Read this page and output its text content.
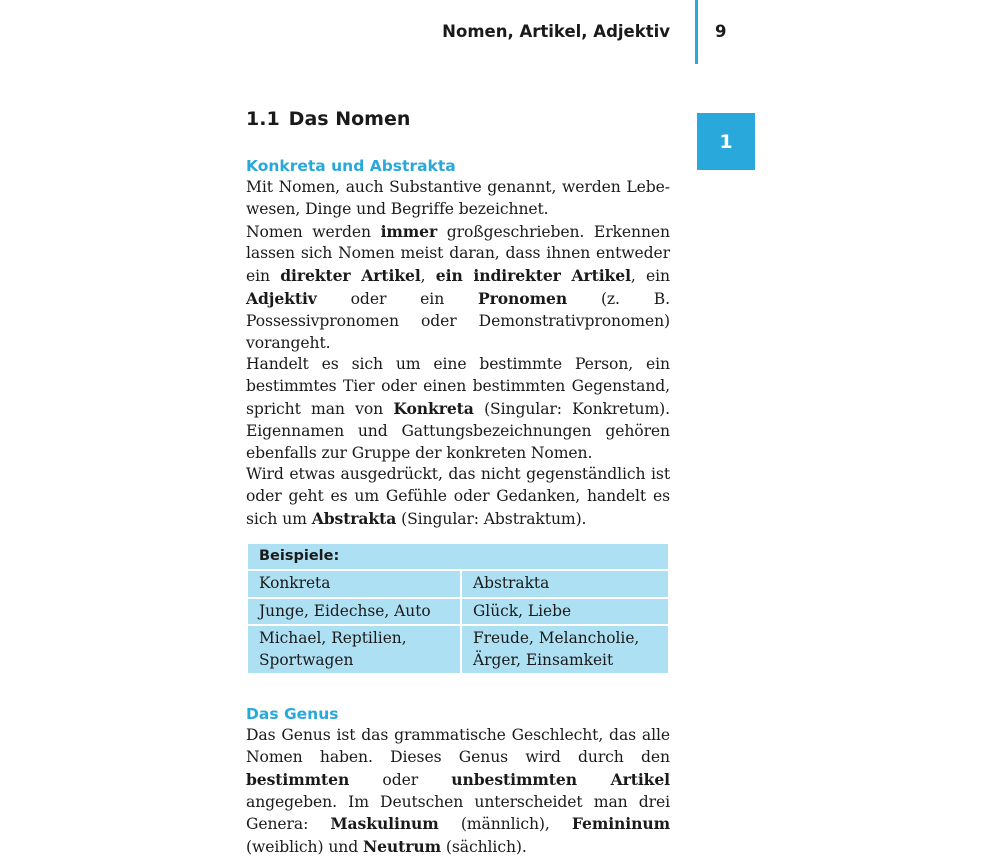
Nomen, Artikel, Adjektiv	9
1
1.1 Das Nomen
Konkreta und Abstrakta

Mit Nomen, auch Substantive genannt, werden Lebewesen, Dinge und Begriffe bezeichnet.

Nomen werden immer großgeschrieben. Erkennen lassen sich Nomen meist daran, dass ihnen entweder ein direkter Artikel, ein indirekter Artikel, ein Adjektiv oder ein Pronomen (z. B. Possessivpronomen oder Demonstrativpronomen) vorangeht.

Handelt es sich um eine bestimmte Person, ein bestimmtes Tier oder einen bestimmten Gegenstand, spricht man von Konkreta (Singular: Konkretum). Eigennamen und Gattungsbezeichnungen gehören ebenfalls zur Gruppe der konkreten Nomen.

Wird etwas ausgedrückt, das nicht gegenständlich ist oder geht es um Gefühle oder Gedanken, handelt es sich um Abstrakta (Singular: Abstraktum).

Beispiele:	
Konkreta	Abstrakta
Junge, Eidechse, Auto	Glück, Liebe
Michael, Reptilien, Sportwagen	Freude, Melancholie, Ärger, Einsamkeit
Das Genus

Das Genus ist das grammatische Geschlecht, das alle Nomen haben. Dieses Genus wird durch den bestimmten oder unbestimmten Artikel angegeben. Im Deutschen unterscheidet man drei Genera: Maskulinum (männlich), Femininum (weiblich) und Neutrum (sächlich).
